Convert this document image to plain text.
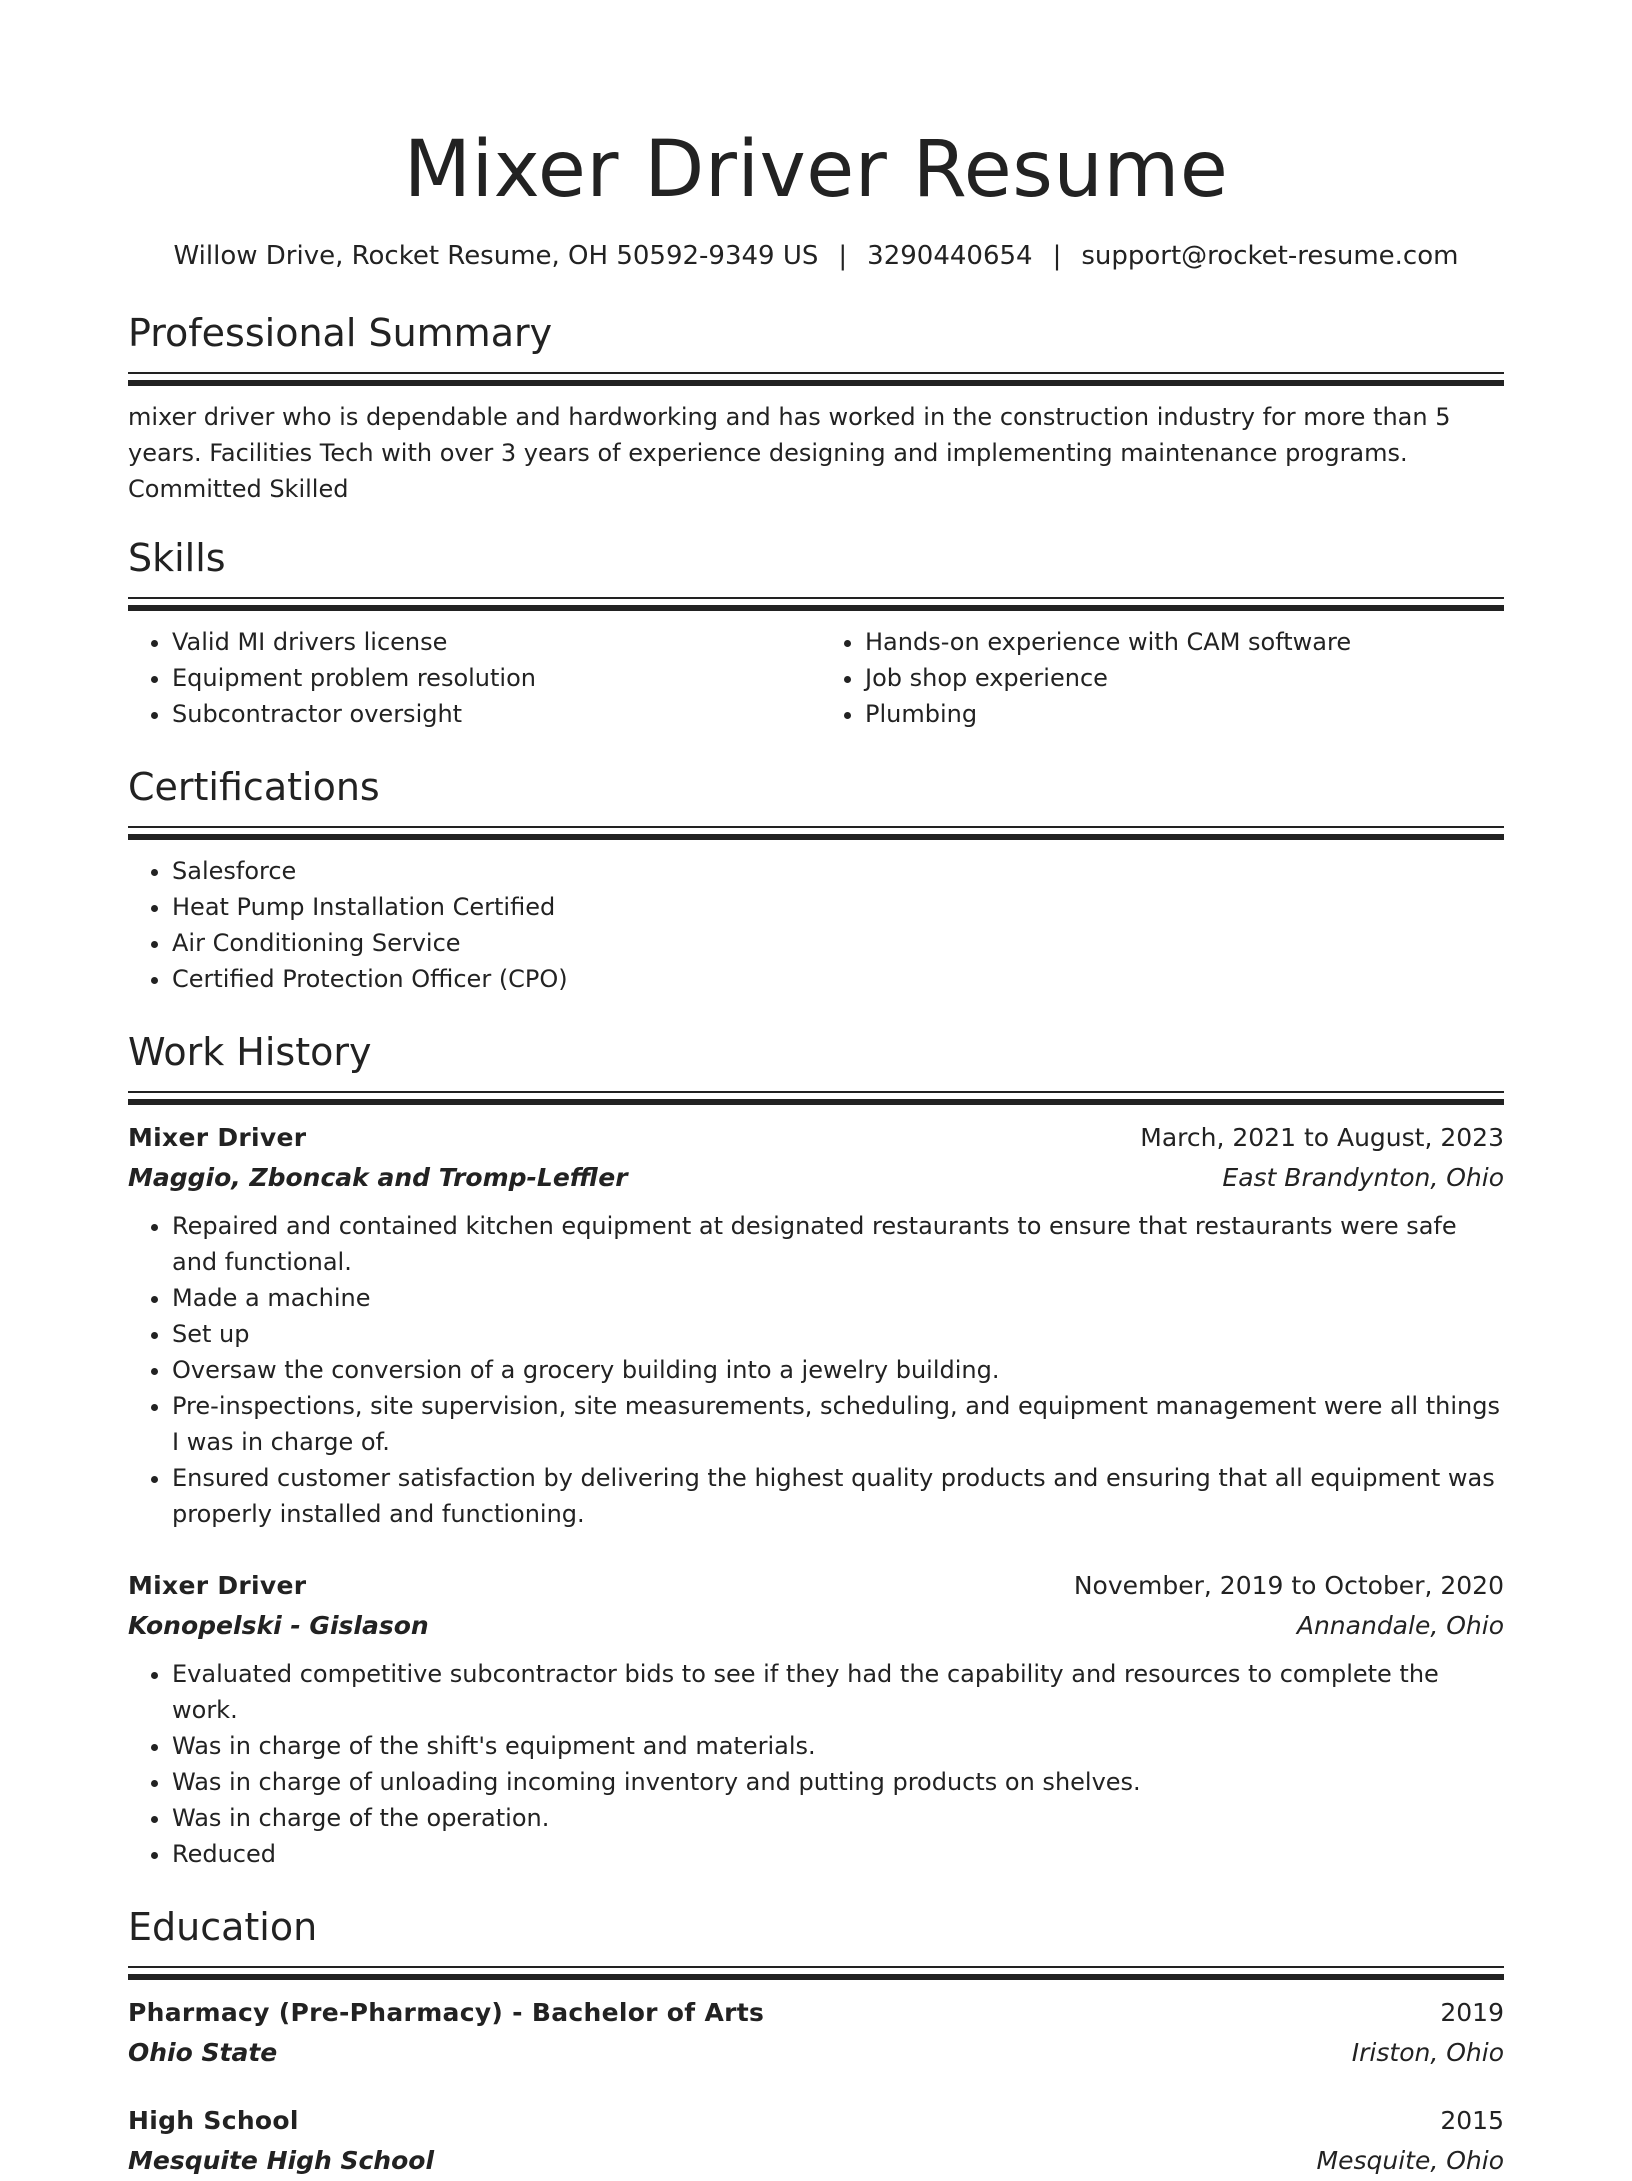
Mixer Driver Resume
Willow Drive, Rocket Resume, OH 50592-9349 US | 3290440654 | support@rocket-resume.com
Professional Summary
mixer driver who is dependable and hardworking and has worked in the construction industry for more than 5 years. Facilities Tech with over 3 years of experience designing and implementing maintenance programs. Committed Skilled
Skills
• Valid MI drivers license
• Equipment problem resolution
• Subcontractor oversight
• Hands-on experience with CAM software
• Job shop experience
• Plumbing
Certifications
• Salesforce
• Heat Pump Installation Certified
• Air Conditioning Service
• Certified Protection Officer (CPO)
Work History
Mixer Driver	March, 2021 to August, 2023
Maggio, Zboncak and Tromp-Leffler	East Brandynton, Ohio
• Repaired and contained kitchen equipment at designated restaurants to ensure that restaurants were safe and functional.
• Made a machine
• Set up
• Oversaw the conversion of a grocery building into a jewelry building.
• Pre-inspections, site supervision, site measurements, scheduling, and equipment management were all things I was in charge of.
• Ensured customer satisfaction by delivering the highest quality products and ensuring that all equipment was properly installed and functioning.
Mixer Driver	November, 2019 to October, 2020
Konopelski - Gislason	Annandale, Ohio
• Evaluated competitive subcontractor bids to see if they had the capability and resources to complete the work.
• Was in charge of the shift's equipment and materials.
• Was in charge of unloading incoming inventory and putting products on shelves.
• Was in charge of the operation.
• Reduced
Education
Pharmacy (Pre-Pharmacy) - Bachelor of Arts	2019
Ohio State	Iriston, Ohio
High School	2015
Mesquite High School	Mesquite, Ohio
